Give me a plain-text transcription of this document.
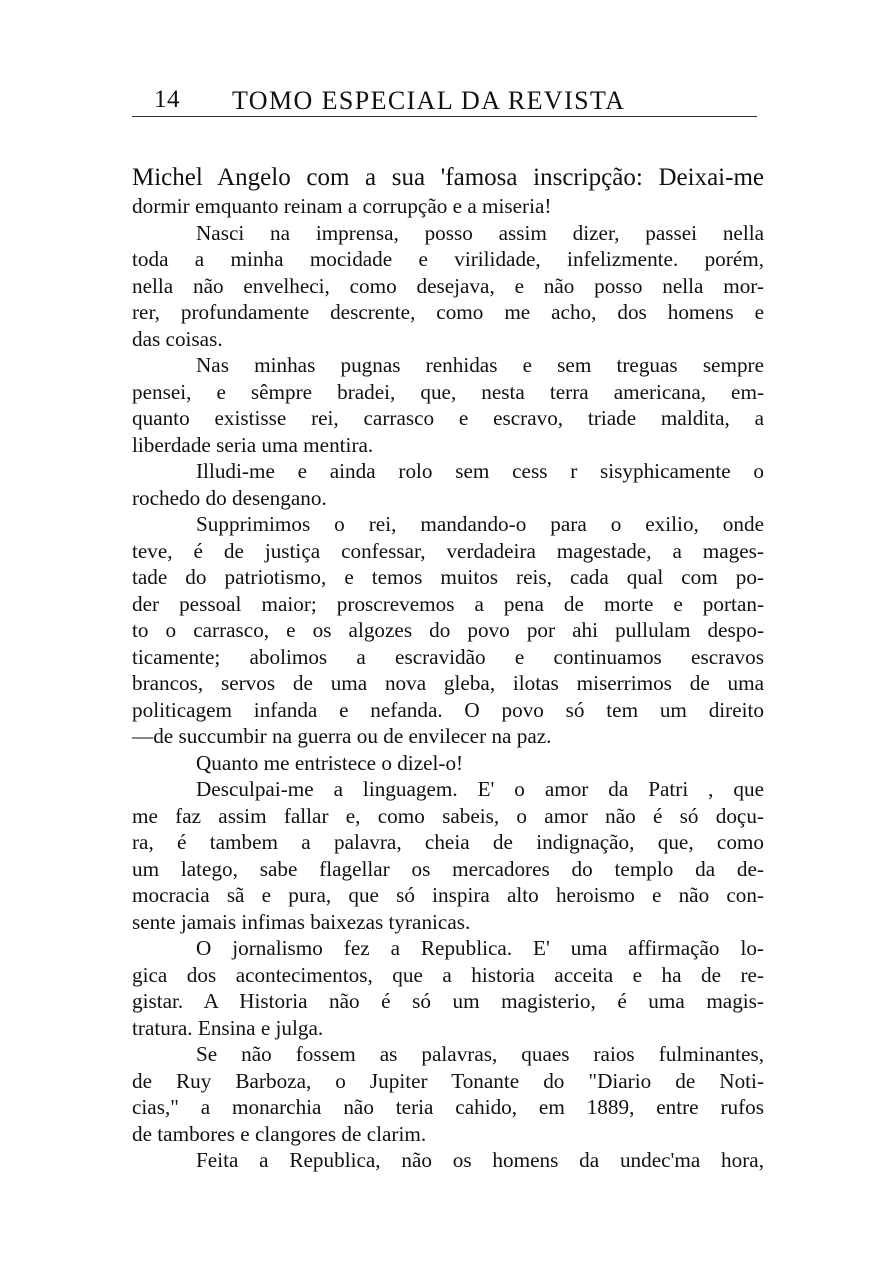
14 TOMO ESPECIAL DA REVISTA
Michel Angelo com a sua 'famosa inscripção: Deixai-me
dormir emquanto reinam a corrupção e a miseria!
Nasci na imprensa, posso assim dizer, passei nella
toda a minha mocidade e virilidade, infelizmente. porém,
nella não envelheci, como desejava, e não posso nella mor-
rer, profundamente descrente, como me acho, dos homens e
das coisas.
Nas minhas pugnas renhidas e sem treguas sempre
pensei, e sêmpre bradei, que, nesta terra americana, em-
quanto existisse rei, carrasco e escravo, triade maldita, a
liberdade seria uma mentira.
Illudi-me e ainda rolo sem cess r sisyphicamente o
rochedo do desengano.
Supprimimos o rei, mandando-o para o exilio, onde
teve, é de justiça confessar, verdadeira magestade, a mages-
tade do patriotismo, e temos muitos reis, cada qual com po-
der pessoal maior; proscrevemos a pena de morte e portan-
to o carrasco, e os algozes do povo por ahi pullulam despo-
ticamente; abolimos a escravidão e continuamos escravos
brancos, servos de uma nova gleba, ilotas miserrimos de uma
politicagem infanda e nefanda. O povo só tem um direito
—de succumbir na guerra ou de envilecer na paz.
Quanto me entristece o dizel-o!
Desculpai-me a linguagem. E' o amor da Patri , que
me faz assim fallar e, como sabeis, o amor não é só doçu-
ra, é tambem a palavra, cheia de indignação, que, como
um latego, sabe flagellar os mercadores do templo da de-
mocracia sã e pura, que só inspira alto heroismo e não con-
sente jamais infimas baixezas tyranicas.
O jornalismo fez a Republica. E' uma affirmação lo-
gica dos acontecimentos, que a historia acceita e ha de re-
gistar. A Historia não é só um magisterio, é uma magis-
tratura. Ensina e julga.
Se não fossem as palavras, quaes raios fulminantes,
de Ruy Barboza, o Jupiter Tonante do "Diario de Noti-
cias," a monarchia não teria cahido, em 1889, entre rufos
de tambores e clangores de clarim.
Feita a Republica, não os homens da undec'ma hora,
